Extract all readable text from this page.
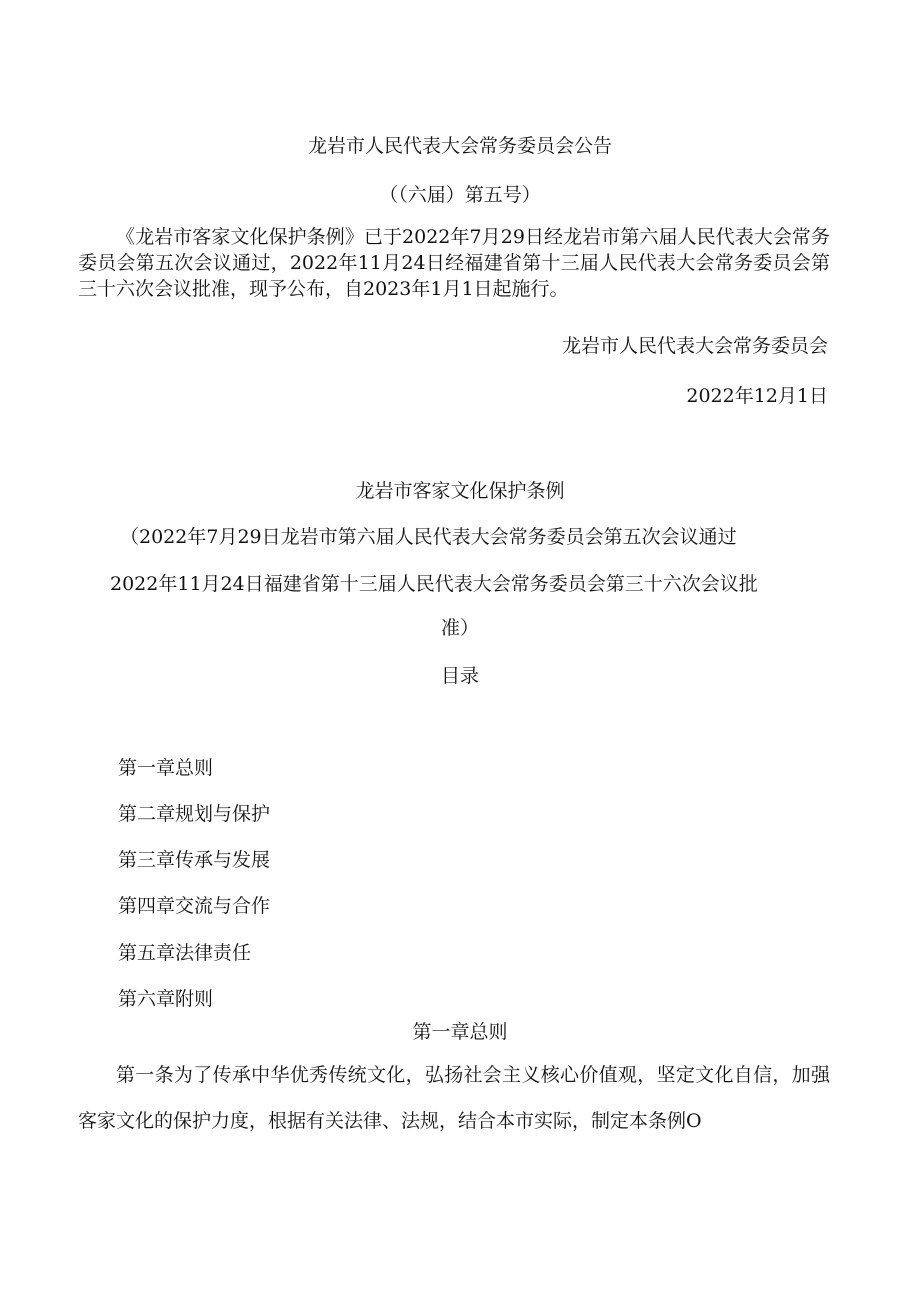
龙岩市人民代表大会常务委员会公告
（（六届）第五号）
《龙岩市客家文化保护条例》已于2022年7月29日经龙岩市第六届人民代表大会常务委员会第五次会议通过，2022年11月24日经福建省第十三届人民代表大会常务委员会第三十六次会议批准，现予公布，自2023年1月1日起施行。
龙岩市人民代表大会常务委员会
2022年12月1日
龙岩市客家文化保护条例
（2022年7月29日龙岩市第六届人民代表大会常务委员会第五次会议通过
2022年11月24日福建省第十三届人民代表大会常务委员会第三十六次会议批
准）
目录
第一章总则
第二章规划与保护
第三章传承与发展
第四章交流与合作
第五章法律责任
第六章附则
第一章总则
第一条为了传承中华优秀传统文化，弘扬社会主义核心价值观，坚定文化自信，加强客家文化的保护力度，根据有关法律、法规，结合本市实际，制定本条例O
